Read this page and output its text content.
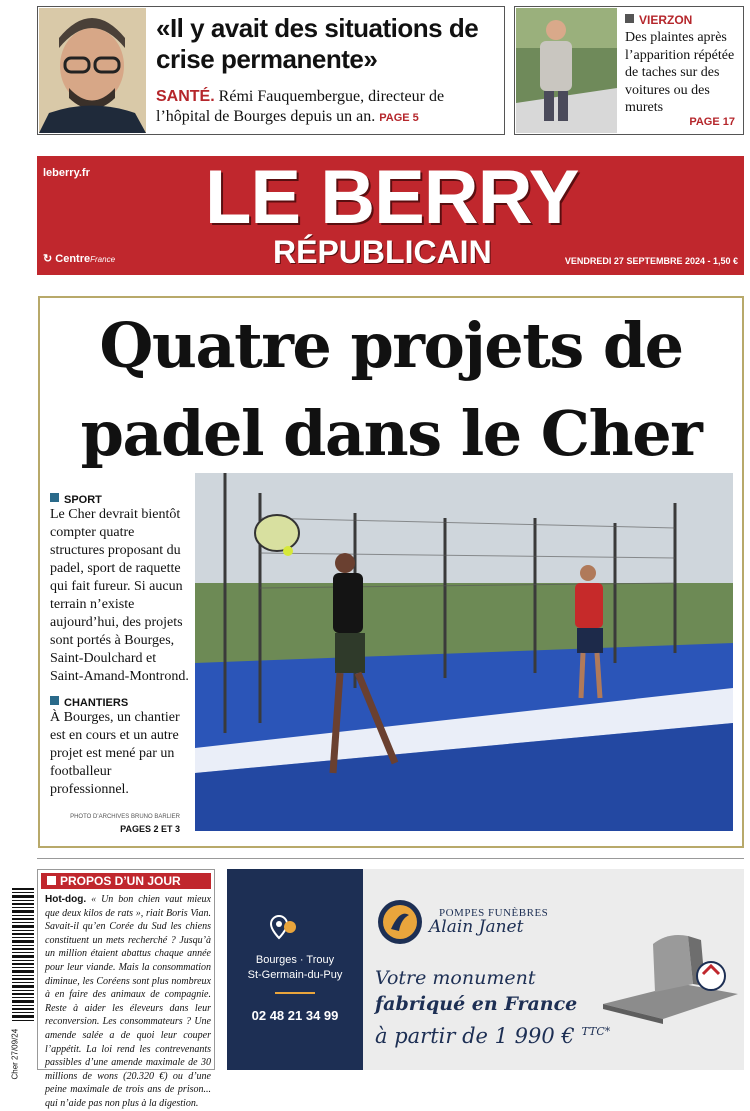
«Il y avait des situations de crise permanente»
SANTÉ. Rémi Fauquembergue, directeur de l’hôpital de Bourges depuis un an. PAGE 5
VIERZON
Des plaintes après l’apparition répétée de taches sur des voitures ou des murets
PAGE 17
leberry.fr LE BERRY
RÉPUBLICAIN
↻ CentreFrance	VENDREDI 27 SEPTEMBRE 2024 - 1,50 €
Quatre projets de
padel dans le Cher
SPORT
Le Cher devrait bientôt compter quatre structures proposant du padel, sport de raquette qui fait fureur. Si aucun terrain n’existe aujourd’hui, des projets sont portés à Bourges, Saint-Doulchard et Saint-Amand-Montrond.
CHANTIERS
À Bourges, un chantier est en cours et un autre projet est mené par un footballeur professionnel.
PHOTO D’ARCHIVES BRUNO BARLIER
PAGES 2 ET 3
Cher 27/09/24
PROPOS D’UN JOUR
Hot-dog. « Un bon chien vaut mieux que deux kilos de rats », riait Boris Vian. Savait-il qu’en Corée du Sud les chiens constituent un mets recherché ? Jusqu’à un million étaient abattus chaque année pour leur viande. Mais la consommation diminue, les Coréens sont plus nombreux à en faire des animaux de compagnie. Reste à aider les éleveurs dans leur reconversion. Les consommateurs ? Une amende salée a de quoi leur couper l’appétit. La loi rend les contrevenants passibles d’une amende maximale de 30 millions de wons (20.320 €) ou d’une peine maximale de trois ans de prison... qui n’aide pas non plus à la digestion.
Bourges · Trouy
St-Germain-du-Puy
02 48 21 34 99
POMPES FUNÈBRES
Alain Janet
Votre monument
fabriqué en France
à partir de 1 990 € $^{TTC*}$
